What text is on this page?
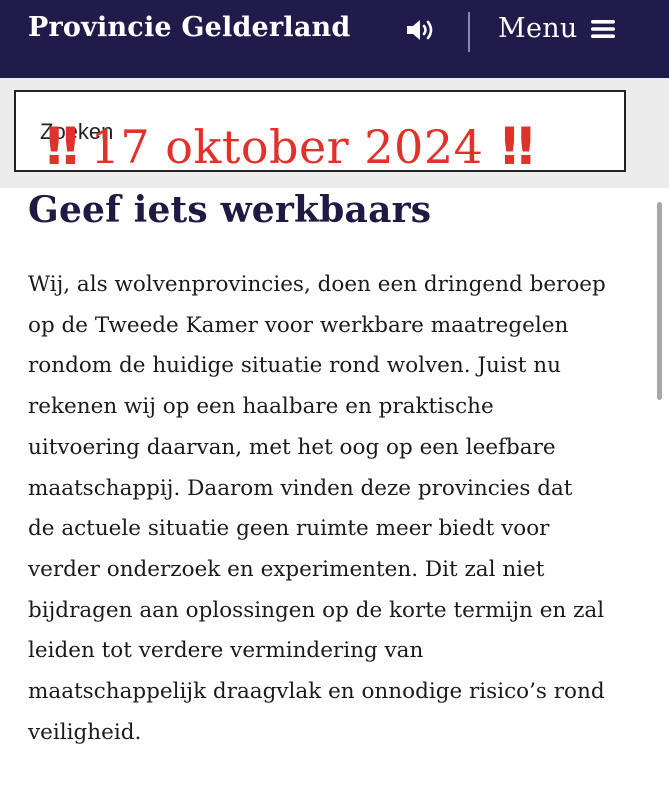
Provincie Gelderland	Menu
Zoeken
‼ 17 oktober 2024 ‼
Geef iets werkbaars

Wij, als wolvenprovincies, doen een dringend beroep
op de Tweede Kamer voor werkbare maatregelen
rondom de huidige situatie rond wolven. Juist nu
rekenen wij op een haalbare en praktische
uitvoering daarvan, met het oog op een leefbare
maatschappij. Daarom vinden deze provincies dat
de actuele situatie geen ruimte meer biedt voor
verder onderzoek en experimenten. Dit zal niet
bijdragen aan oplossingen op de korte termijn en zal
leiden tot verdere vermindering van
maatschappelijk draagvlak en onnodige risico’s rond
veiligheid.
